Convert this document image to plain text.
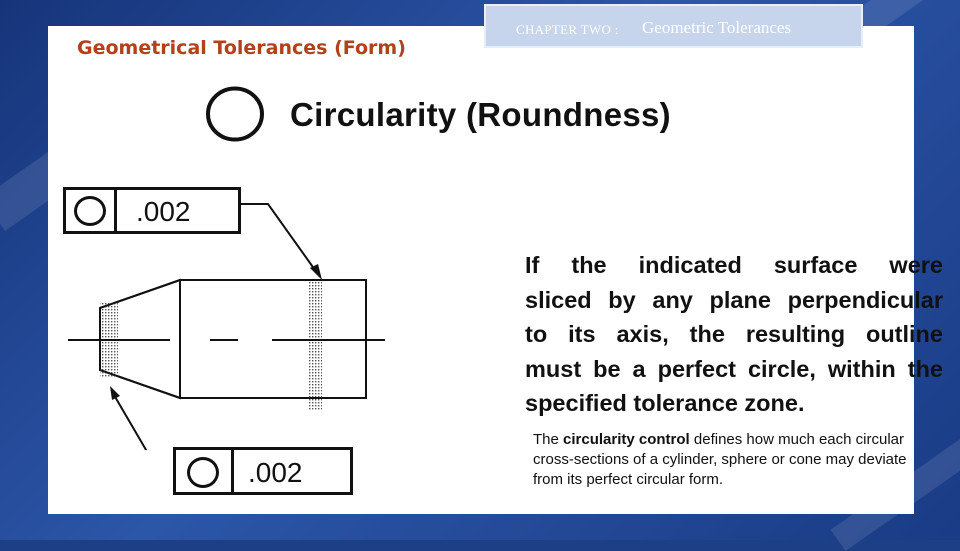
Geometrical Tolerances (Form)
CHAPTER TWO : Geometric Tolerances
Circularity (Roundness)
.002
.002
If the indicated surface were
sliced by any plane perpendicular
to its axis, the resulting outline
must be a perfect circle, within the
specified tolerance zone.
The circularity control defines how much each circular cross-sections of a cylinder, sphere or cone may deviate from its perfect circular form.
